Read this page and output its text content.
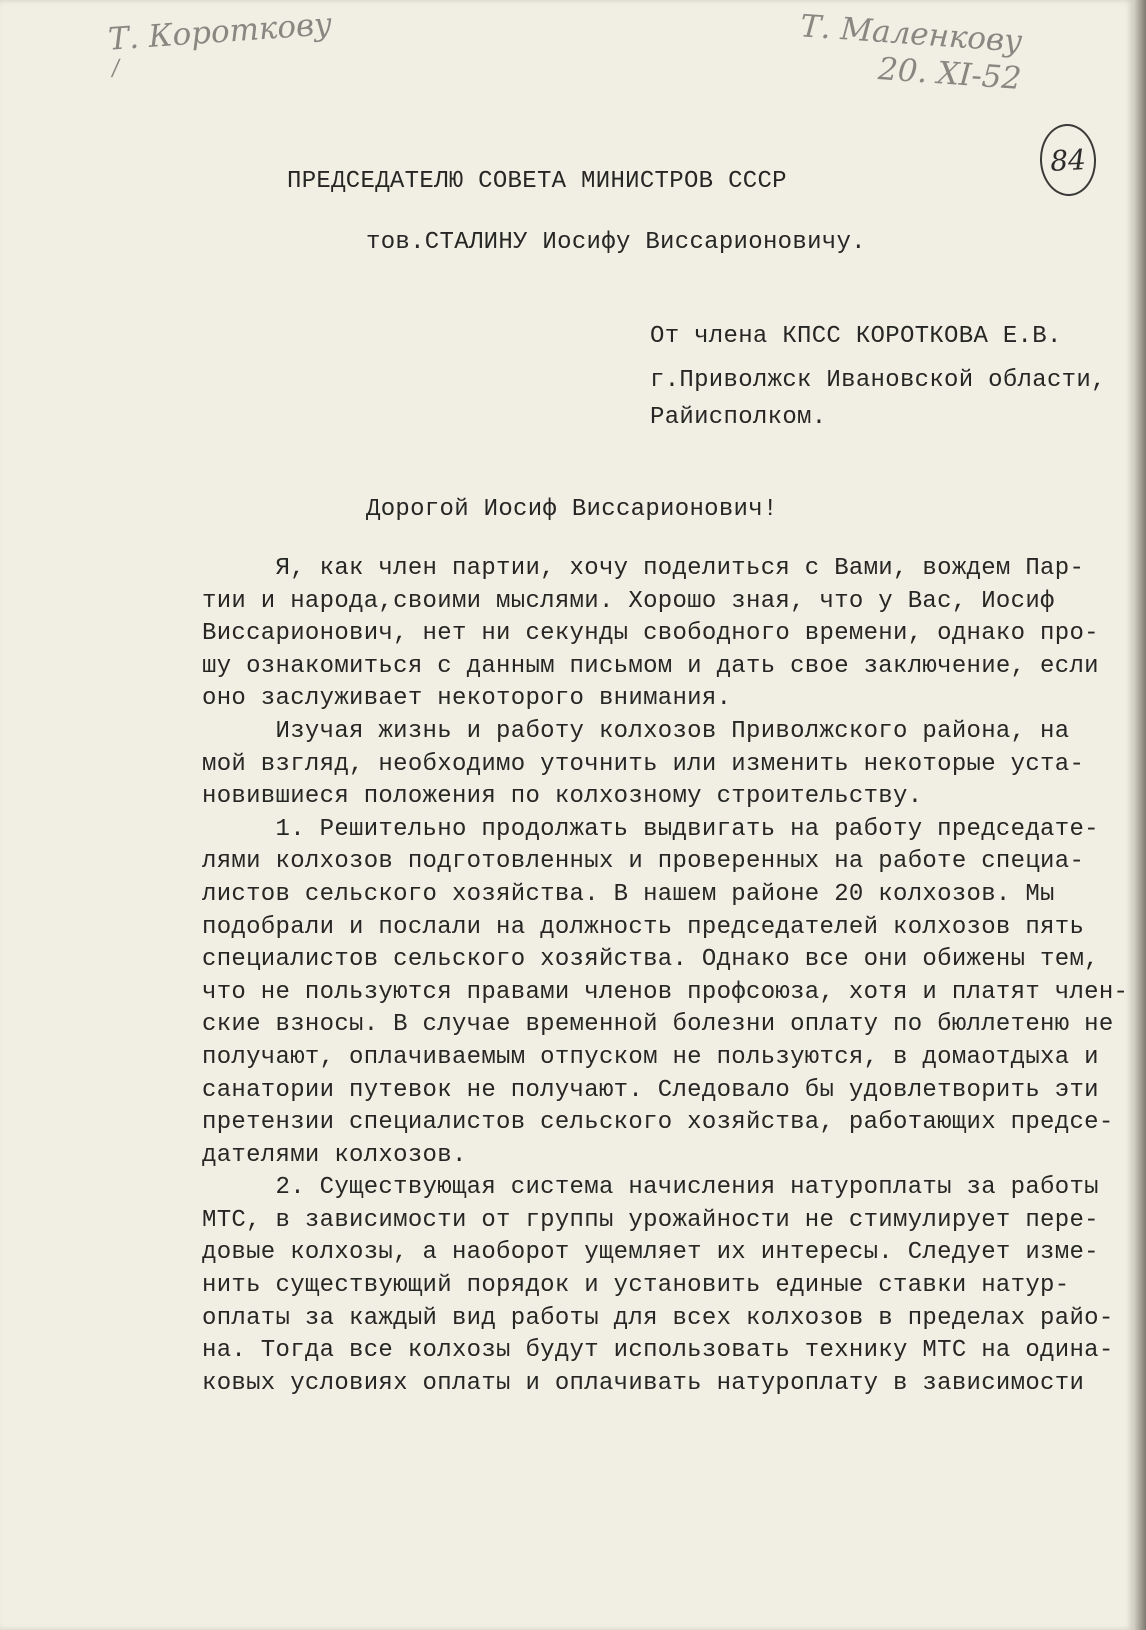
Т. Короткову
/
Т. Маленкову
20. XI-52
84
ПРЕДСЕДАТЕЛЮ СОВЕТА МИНИСТРОВ СССР
тов.СТАЛИНУ Иосифу Виссарионовичу.
От члена КПСС КОРОТКОВА Е.В.
г.Приволжск Ивановской области,
Райисполком.
Дорогой Иосиф Виссарионович!
Я, как член партии, хочу поделиться с Вами, вождем Пар-
тии и народа,своими мыслями. Хорошо зная, что у Вас, Иосиф
Виссарионович, нет ни секунды свободного времени, однако про-
шу ознакомиться с данным письмом и дать свое заключение, если
оно заслуживает некоторого внимания.
Изучая жизнь и работу колхозов Приволжского района, на
мой взгляд, необходимо уточнить или изменить некоторые уста-
новившиеся положения по колхозному строительству.
1. Решительно продолжать выдвигать на работу председате-
лями колхозов подготовленных и проверенных на работе специа-
листов сельского хозяйства. В нашем районе 20 колхозов. Мы
подобрали и послали на должность председателей колхозов пять
специалистов сельского хозяйства. Однако все они обижены тем,
что не пользуются правами членов профсоюза, хотя и платят член-
ские взносы. В случае временной болезни оплату по бюллетеню не
получают, оплачиваемым отпуском не пользуются, в домаотдыха и
санатории путевок не получают. Следовало бы удовлетворить эти
претензии специалистов сельского хозяйства, работающих предсе-
дателями колхозов.
2. Существующая система начисления натуроплаты за работы
МТС, в зависимости от группы урожайности не стимулирует пере-
довые колхозы, а наоборот ущемляет их интересы. Следует изме-
нить существующий порядок и установить единые ставки натур-
оплаты за каждый вид работы для всех колхозов в пределах райо-
на. Тогда все колхозы будут использовать технику МТС на одина-
ковых условиях оплаты и оплачивать натуроплату в зависимости
